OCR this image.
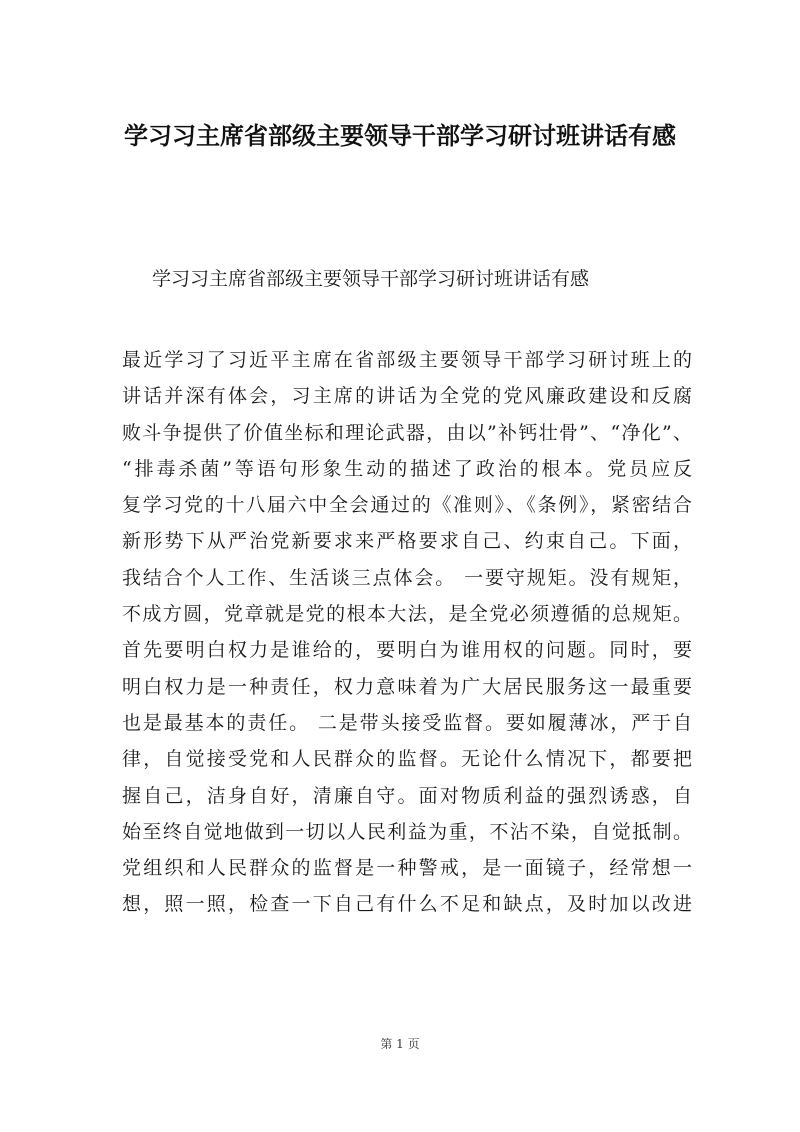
学习习主席省部级主要领导干部学习研讨班讲话有感

学习习主席省部级主要领导干部学习研讨班讲话有感

最近学习了习近平主席在省部级主要领导干部学习研讨班上的
讲话并深有体会，习主席的讲话为全党的党风廉政建设和反腐
败斗争提供了价值坐标和理论武器，由以”补钙壮骨”、“净化”、
“排毒杀菌”等语句形象生动的描述了政治的根本。党员应反
复学习党的十八届六中全会通过的《准则》、《条例》，紧密结合
新形势下从严治党新要求来严格要求自己、约束自己。下面，
我结合个人工作、生活谈三点体会。 一要守规矩。没有规矩，
不成方圆，党章就是党的根本大法，是全党必须遵循的总规矩。
首先要明白权力是谁给的，要明白为谁用权的问题。同时，要
明白权力是一种责任，权力意味着为广大居民服务这一最重要
也是最基本的责任。 二是带头接受监督。要如履薄冰，严于自
律，自觉接受党和人民群众的监督。无论什么情况下，都要把
握自己，洁身自好，清廉自守。面对物质利益的强烈诱惑，自
始至终自觉地做到一切以人民利益为重，不沾不染，自觉抵制。
党组织和人民群众的监督是一种警戒，是一面镜子，经常想一
想，照一照，检查一下自己有什么不足和缺点，及时加以改进
第 1 页
